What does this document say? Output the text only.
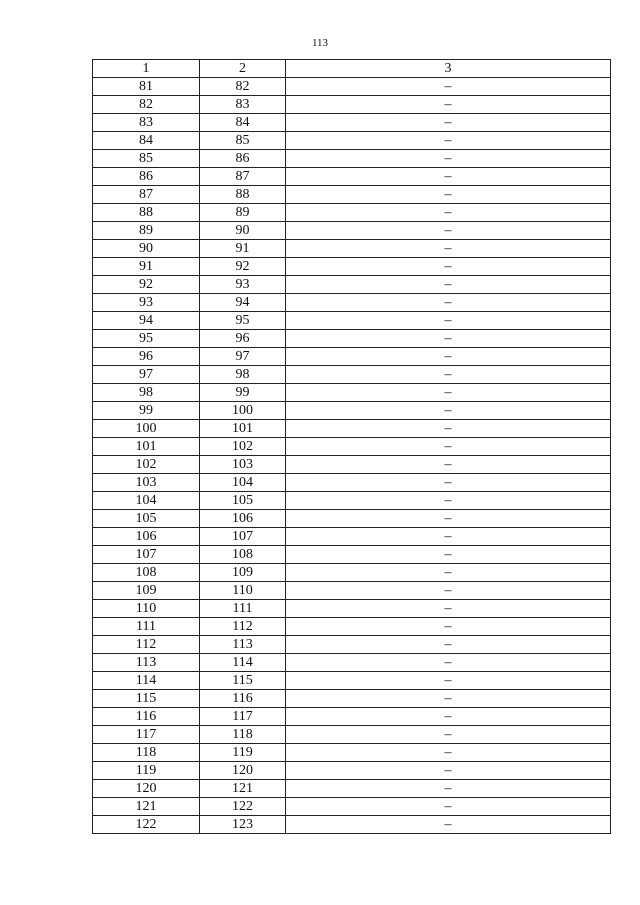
113
1	2	3
81	82	–
82	83	–
83	84	–
84	85	–
85	86	–
86	87	–
87	88	–
88	89	–
89	90	–
90	91	–
91	92	–
92	93	–
93	94	–
94	95	–
95	96	–
96	97	–
97	98	–
98	99	–
99	100	–
100	101	–
101	102	–
102	103	–
103	104	–
104	105	–
105	106	–
106	107	–
107	108	–
108	109	–
109	110	–
110	111	–
111	112	–
112	113	–
113	114	–
114	115	–
115	116	–
116	117	–
117	118	–
118	119	–
119	120	–
120	121	–
121	122	–
122	123	–
